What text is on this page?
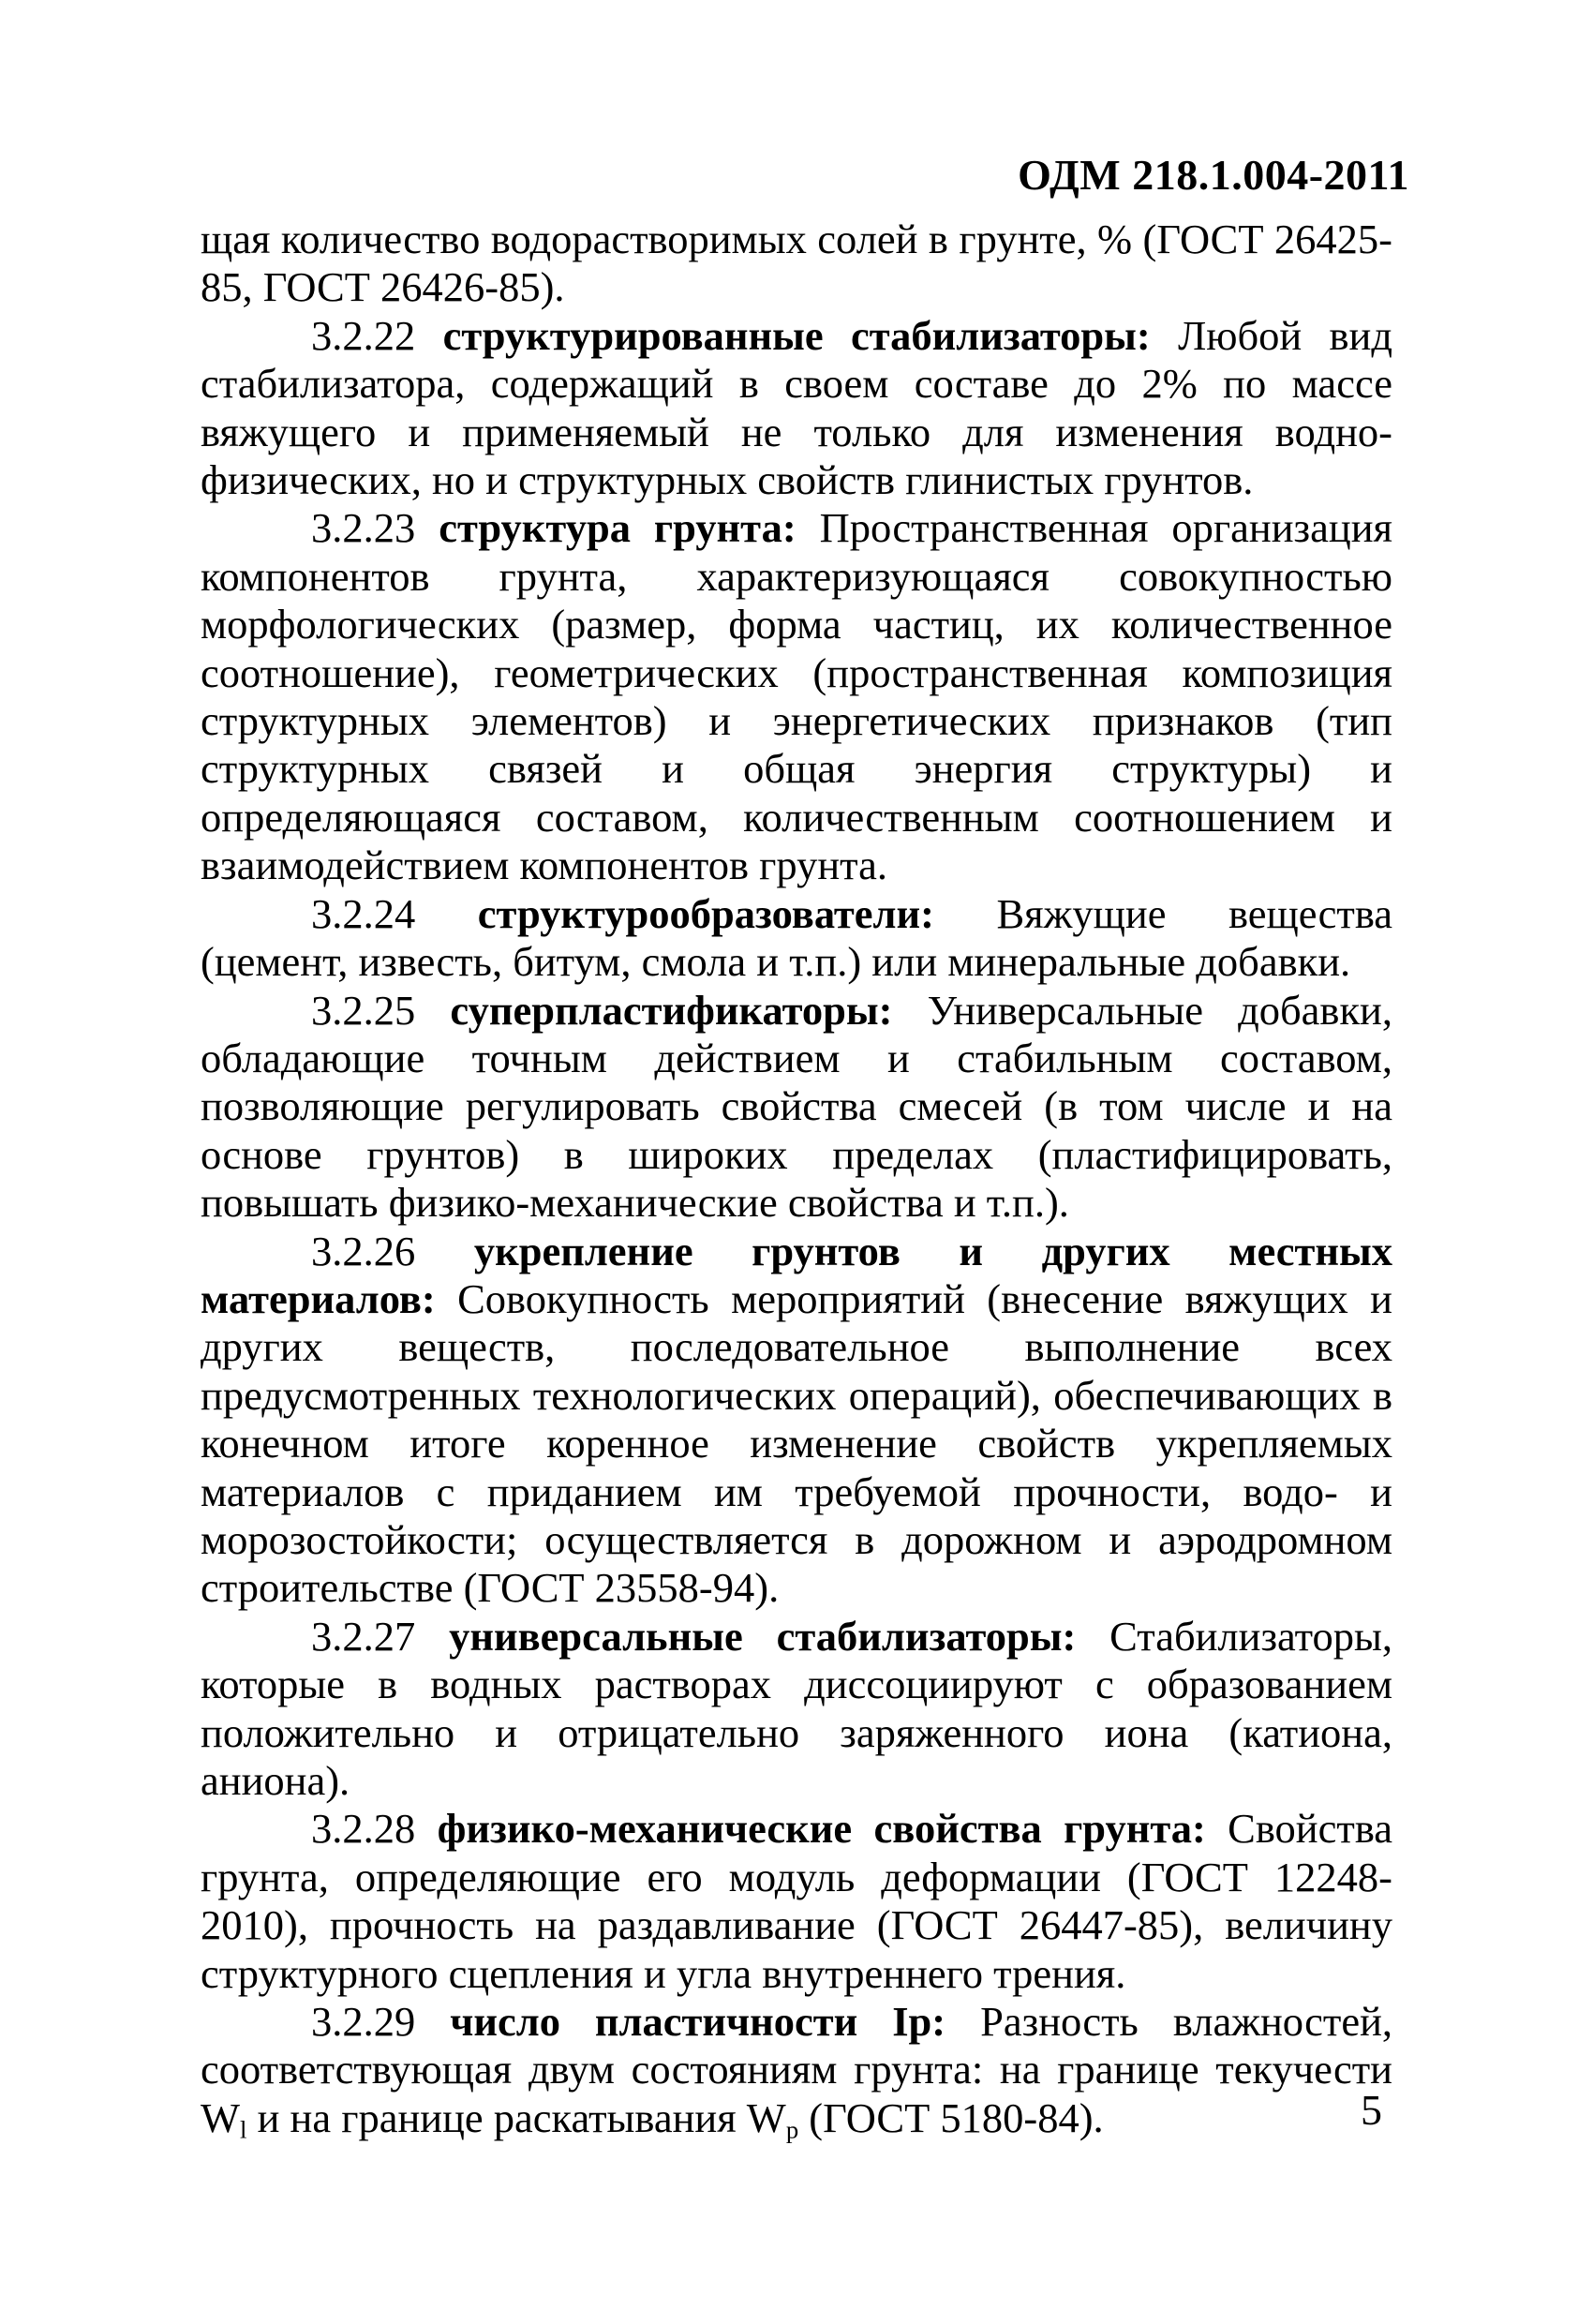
ОДМ 218.1.004-2011

щая количество водорастворимых солей в грунте, % (ГОСТ 26425-85, ГОСТ 26426-85).

3.2.22 структурированные стабилизаторы: Любой вид стабилизатора, содержащий в своем составе до 2% по массе вяжущего и применяемый не только для изменения водно-физических, но и структурных свойств глинистых грунтов.

3.2.23 структура грунта: Пространственная организация компонентов грунта, характеризующаяся совокупностью морфологических (размер, форма частиц, их количественное соотношение), геометрических (пространственная композиция структурных элементов) и энергетических признаков (тип структурных связей и общая энергия структуры) и определяющаяся составом, количественным соотношением и взаимодействием компонентов грунта.

3.2.24 структурообразователи: Вяжущие вещества (цемент, известь, битум, смола и т.п.) или минеральные добавки.

3.2.25 суперпластификаторы: Универсальные добавки, обладающие точным действием и стабильным составом, позволяющие регулировать свойства смесей (в том числе и на основе грунтов) в широких пределах (пластифицировать, повышать физико-механические свойства и т.п.).

3.2.26 укрепление грунтов и других местных материалов: Совокупность мероприятий (внесение вяжущих и других веществ, последовательное выполнение всех предусмотренных технологических операций), обеспечивающих в конечном итоге коренное изменение свойств укрепляемых материалов с приданием им требуемой прочности, водо- и морозостойкости; осуществляется в дорожном и аэродромном строительстве (ГОСТ 23558-94).

3.2.27 универсальные стабилизаторы: Стабилизаторы, которые в водных растворах диссоциируют с образованием положительно и отрицательно заряженного иона (катиона, аниона).

3.2.28 физико-механические свойства грунта: Свойства грунта, определяющие его модуль деформации (ГОСТ 12248-2010), прочность на раздавливание (ГОСТ 26447-85), величину структурного сцепления и угла внутреннего трения.

3.2.29 число пластичности Ip: Разность влажностей, соответствующая двум состояниям грунта: на границе текучести $W_l$ и на границе раскатывания $W_p$ (ГОСТ 5180-84).	5
